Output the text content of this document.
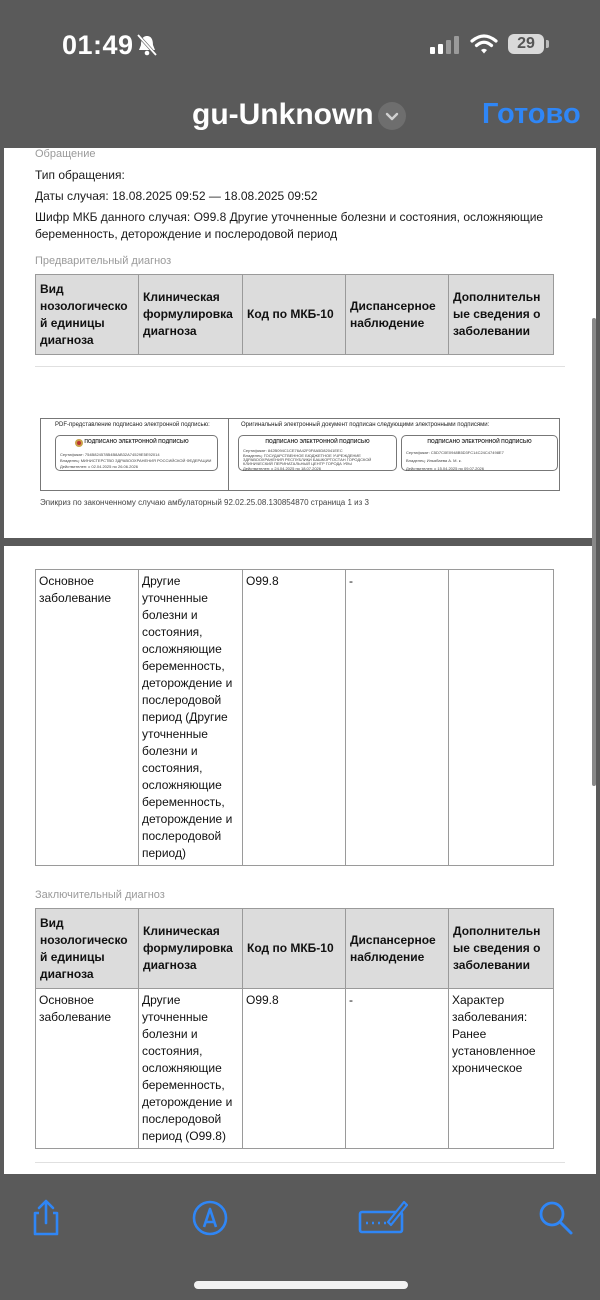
01:49	29
gu-Unknown	Готово
Обращение
Тип обращения:
Даты случая: 18.08.2025 09:52 — 18.08.2025 09:52
Шифр МКБ данного случая: O99.8 Другие уточненные болезни и состояния, осложняющие
беременность, деторождение и послеродовой период
Предварительный диагноз
Вид нозологическо й единицы диагноза	Клиническая формулировка диагноза	Код по МКБ-10	Диспансерное наблюдение	Дополнительн ые сведения о заболевании
PDF-представление подписано электронной подписью:	Оригинальный электронный документ подписан следующими электронными подписями:
ПОДПИСАНО ЭЛЕКТРОННОЙ ПОДПИСЬЮ
Сертификат: 754B824578B4B8AB32A74529E5E92014
Владелец: МИНИСТЕРСТВО ЗДРАВООХРАНЕНИЯ РОССИЙСКОЙ ФЕДЕРАЦИИ
Действителен: с 02.04.2025 по 26.06.2026
ПОДПИСАНО ЭЛЕКТРОННОЙ ПОДПИСЬЮ
Сертификат: 842B094C1CE76A42F0F8A5D82041EEC
Владелец: ГОСУДАРСТВЕННОЕ БЮДЖЕТНОЕ УЧРЕЖДЕНИЕ
ЗДРАВООХРАНЕНИЯ РЕСПУБЛИКИ БАШКОРТОСТАН ГОРОДСКОЙ
КЛИНИЧЕСКИЙ ПЕРИНАТАЛЬНЫЙ ЦЕНТР ГОРОДА УФЫ
Действителен: с 24.04.2025 по 18.07.2026
ПОДПИСАНО ЭЛЕКТРОННОЙ ПОДПИСЬЮ
Сертификат: C5D7C0E0948B5D3FC14C24C47498E7
Владелец: Ильябаева А. М. к.
Действителен: с 15.04.2025 по 09.07.2026
Эпикриз по законченному случаю амбулаторный 92.02.25.08.130854870 страница 1 из 3
Основное заболевание	Другие уточненные болезни и состояния, осложняющие беременность, деторождение и послеродовой период (Другие уточненные болезни и состояния, осложняющие беременность, деторождение и послеродовой период)	O99.8	-	
Заключительный диагноз
Вид нозологическо й единицы диагноза	Клиническая формулировка диагноза	Код по МКБ-10	Диспансерное наблюдение	Дополнительн ые сведения о заболевании
Основное заболевание	Другие уточненные болезни и состояния, осложняющие беременность, деторождение и послеродовой период (O99.8)	O99.8	-	Характер заболевания: Ранее установленное хроническое
